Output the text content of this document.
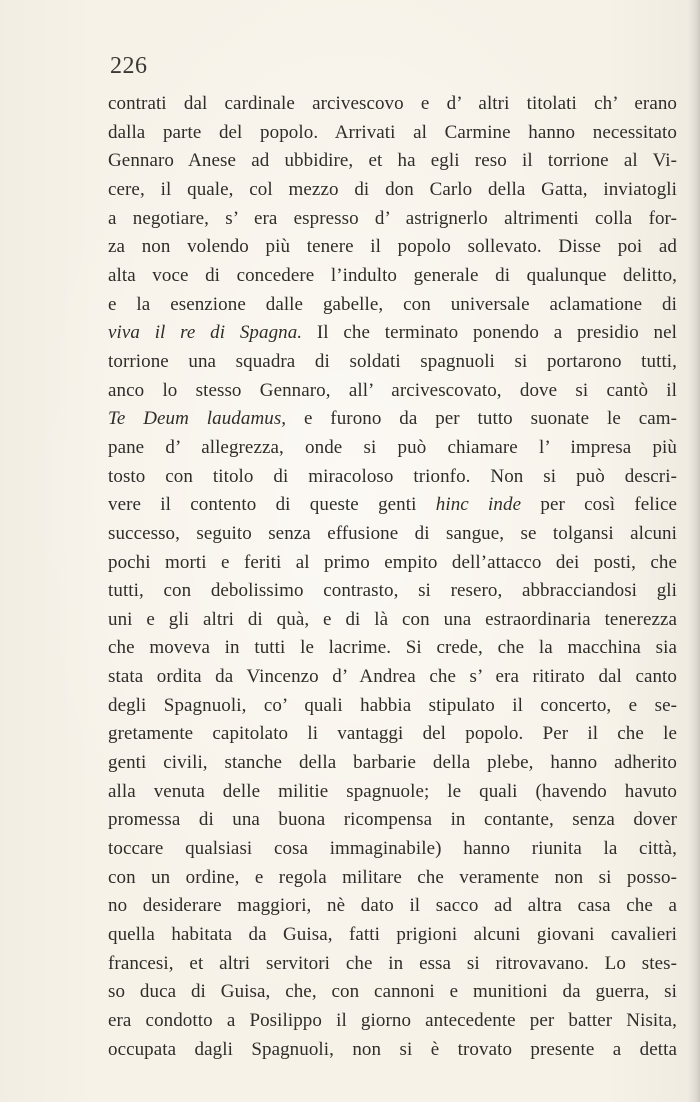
226
contrati dal cardinale arcivescovo e d’ altri titolati ch’ erano
dalla parte del popolo. Arrivati al Carmine hanno necessitato
Gennaro Anese ad ubbidire, et ha egli reso il torrione al Vi-
cere, il quale, col mezzo di don Carlo della Gatta, inviatogli
a negotiare, s’ era espresso d’ astrignerlo altrimenti colla for-
za non volendo più tenere il popolo sollevato. Disse poi ad
alta voce di concedere l’indulto generale di qualunque delitto,
e la esenzione dalle gabelle, con universale aclamatione di
viva il re di Spagna. Il che terminato ponendo a presidio nel
torrione una squadra di soldati spagnuoli si portarono tutti,
anco lo stesso Gennaro, all’ arcivescovato, dove si cantò il
Te Deum laudamus, e furono da per tutto suonate le cam-
pane d’ allegrezza, onde si può chiamare l’ impresa più
tosto con titolo di miracoloso trionfo. Non si può descri-
vere il contento di queste genti hinc inde per così felice
successo, seguito senza effusione di sangue, se tolgansi alcuni
pochi morti e feriti al primo empito dell’attacco dei posti, che
tutti, con debolissimo contrasto, si resero, abbracciandosi gli
uni e gli altri di quà, e di là con una estraordinaria tenerezza
che moveva in tutti le lacrime. Si crede, che la macchina sia
stata ordita da Vincenzo d’ Andrea che s’ era ritirato dal canto
degli Spagnuoli, co’ quali habbia stipulato il concerto, e se-
gretamente capitolato li vantaggi del popolo. Per il che le
genti civili, stanche della barbarie della plebe, hanno adherito
alla venuta delle militie spagnuole; le quali (havendo havuto
promessa di una buona ricompensa in contante, senza dover
toccare qualsiasi cosa immaginabile) hanno riunita la città,
con un ordine, e regola militare che veramente non si posso-
no desiderare maggiori, nè dato il sacco ad altra casa che a
quella habitata da Guisa, fatti prigioni alcuni giovani cavalieri
francesi, et altri servitori che in essa si ritrovavano. Lo stes-
so duca di Guisa, che, con cannoni e munitioni da guerra, si
era condotto a Posilippo il giorno antecedente per batter Nisita,
occupata dagli Spagnuoli, non si è trovato presente a detta
